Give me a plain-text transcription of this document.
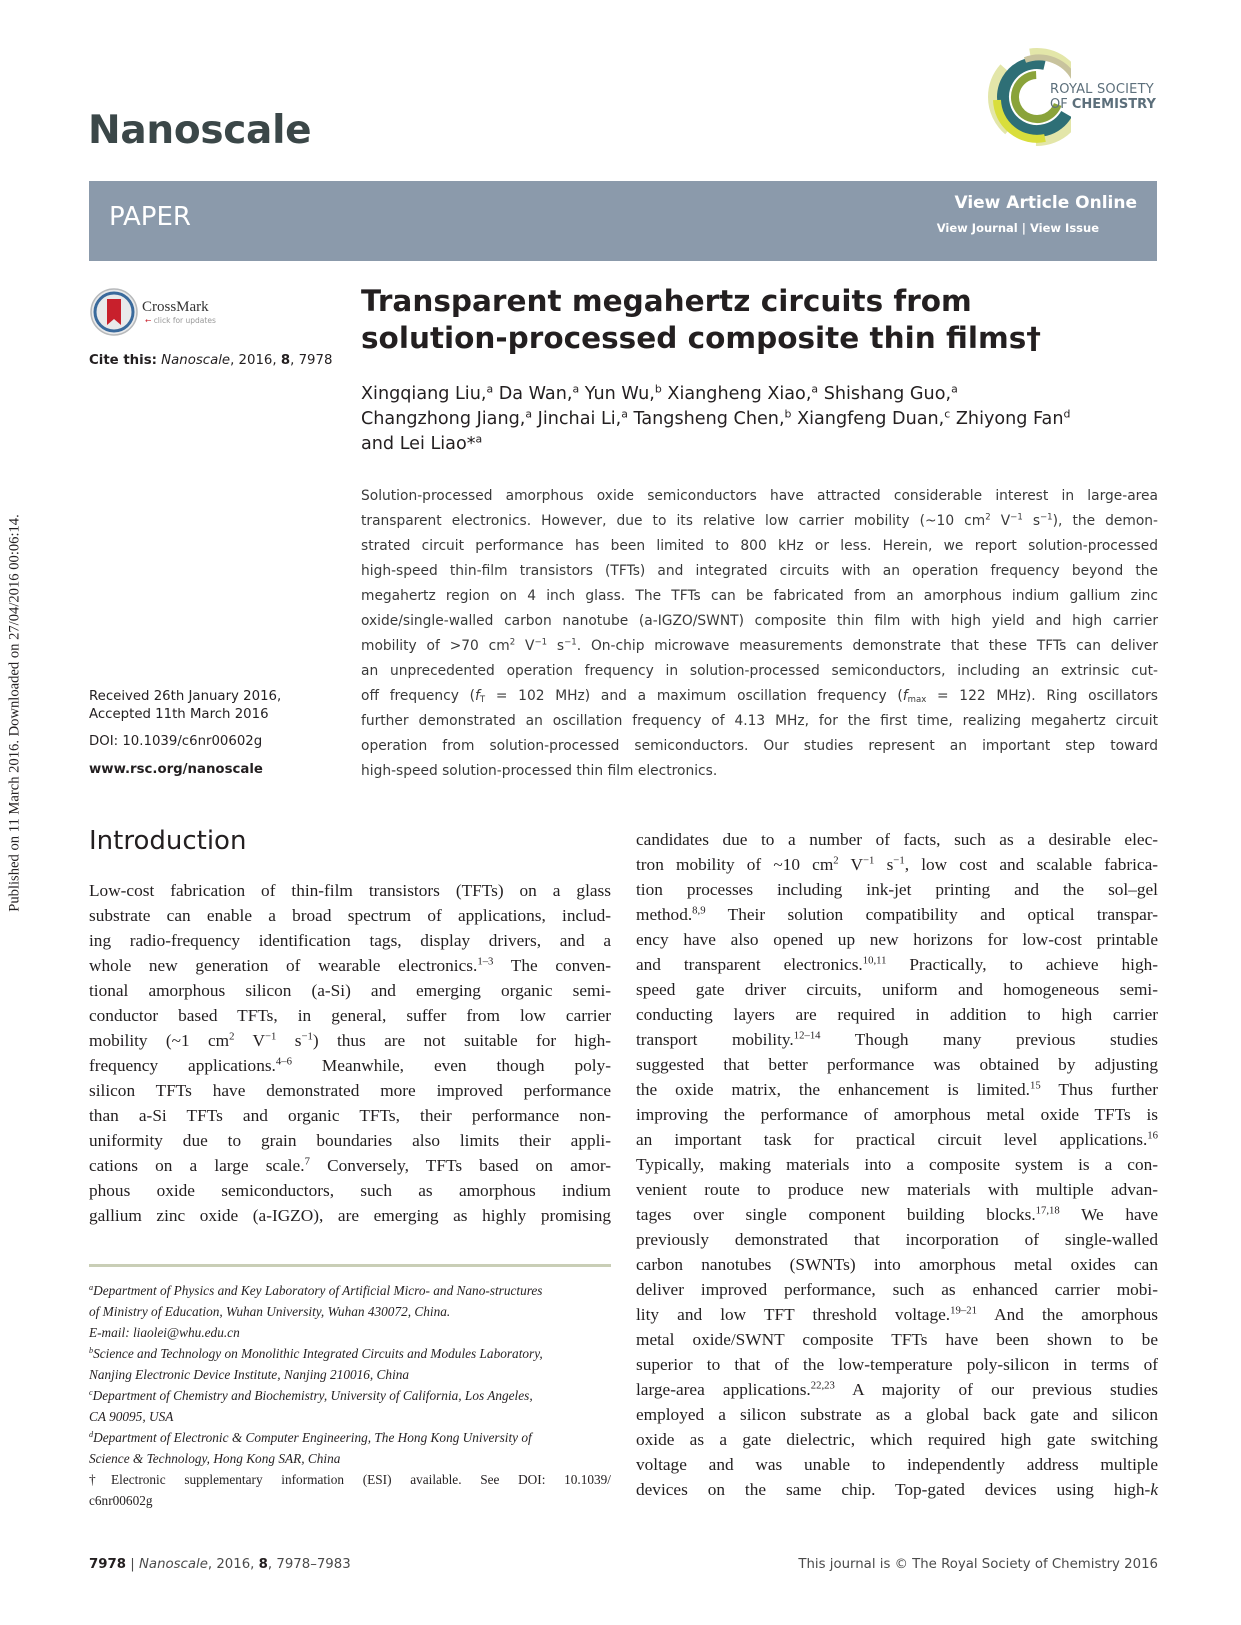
Published on 11 March 2016. Downloaded on 27/04/2016 00:06:14.
Nanoscale
ROYAL SOCIETY
OF CHEMISTRY
PAPER	View Article Online
View Journal | View Issue
CrossMark
← click for updates
Cite this: Nanoscale, 2016, 8, 7978
Received 26th January 2016,
Accepted 11th March 2016
DOI: 10.1039/c6nr00602g
www.rsc.org/nanoscale
Transparent megahertz circuits from
solution-processed composite thin films†
Xingqiang Liu,$^a$ Da Wan,$^a$ Yun Wu,$^b$ Xiangheng Xiao,$^a$ Shishang Guo,$^a$
Changzhong Jiang,$^a$ Jinchai Li,$^a$ Tangsheng Chen,$^b$ Xiangfeng Duan,$^c$ Zhiyong Fan$^d$
and Lei Liao*$^a$
Solution-processed amorphous oxide semiconductors have attracted considerable interest in large-area
transparent electronics. However, due to its relative low carrier mobility (~10 $cm^2$ $V^{-1}$ $s^{-1}$), the demon-
strated circuit performance has been limited to 800 kHz or less. Herein, we report solution-processed
high-speed thin-film transistors (TFTs) and integrated circuits with an operation frequency beyond the
megahertz region on 4 inch glass. The TFTs can be fabricated from an amorphous indium gallium zinc
oxide/single-walled carbon nanotube (a-IGZO/SWNT) composite thin film with high yield and high carrier
mobility of >70 $cm^2$ $V^{-1}$ $s^{-1}$. On-chip microwave measurements demonstrate that these TFTs can deliver
an unprecedented operation frequency in solution-processed semiconductors, including an extrinsic cut-
off frequency ($f_T = 102$ MHz) and a maximum oscillation frequency ($f_{max} = 122$ MHz). Ring oscillators
further demonstrated an oscillation frequency of 4.13 MHz, for the first time, realizing megahertz circuit
operation from solution-processed semiconductors. Our studies represent an important step toward
high-speed solution-processed thin film electronics.
Introduction
Low-cost fabrication of thin-film transistors (TFTs) on a glass
substrate can enable a broad spectrum of applications, includ-
ing radio-frequency identification tags, display drivers, and a
whole new generation of wearable electronics.$^{1-3}$ The conven-
tional amorphous silicon (a-Si) and emerging organic semi-
conductor based TFTs, in general, suffer from low carrier
mobility (~1 $cm^2$ $V^{-1}$ $s^{-1}$) thus are not suitable for high-
frequency applications.$^{4-6}$ Meanwhile, even though poly-
silicon TFTs have demonstrated more improved performance
than a-Si TFTs and organic TFTs, their performance non-
uniformity due to grain boundaries also limits their appli-
cations on a large scale.$^7$ Conversely, TFTs based on amor-
phous oxide semiconductors, such as amorphous indium
gallium zinc oxide (a-IGZO), are emerging as highly promising
candidates due to a number of facts, such as a desirable elec-
tron mobility of ~10 $cm^2$ $V^{-1}$ $s^{-1}$, low cost and scalable fabrica-
tion processes including ink-jet printing and the sol–gel
method.$^{8,9}$ Their solution compatibility and optical transpar-
ency have also opened up new horizons for low-cost printable
and transparent electronics.$^{10,11}$ Practically, to achieve high-
speed gate driver circuits, uniform and homogeneous semi-
conducting layers are required in addition to high carrier
transport mobility.$^{12-14}$ Though many previous studies
suggested that better performance was obtained by adjusting
the oxide matrix, the enhancement is limited.$^{15}$ Thus further
improving the performance of amorphous metal oxide TFTs is
an important task for practical circuit level applications.$^{16}$
Typically, making materials into a composite system is a con-
venient route to produce new materials with multiple advan-
tages over single component building blocks.$^{17,18}$ We have
previously demonstrated that incorporation of single-walled
carbon nanotubes (SWNTs) into amorphous metal oxides can
deliver improved performance, such as enhanced carrier mobi-
lity and low TFT threshold voltage.$^{19-21}$ And the amorphous
metal oxide/SWNT composite TFTs have been shown to be
superior to that of the low-temperature poly-silicon in terms of
large-area applications.$^{22,23}$ A majority of our previous studies
employed a silicon substrate as a global back gate and silicon
oxide as a gate dielectric, which required high gate switching
voltage and was unable to independently address multiple
devices on the same chip. Top-gated devices using high-k
$^a$Department of Physics and Key Laboratory of Artificial Micro- and Nano-structures
of Ministry of Education, Wuhan University, Wuhan 430072, China.
E-mail: liaolei@whu.edu.cn
$^b$Science and Technology on Monolithic Integrated Circuits and Modules Laboratory,
Nanjing Electronic Device Institute, Nanjing 210016, China
$^c$Department of Chemistry and Biochemistry, University of California, Los Angeles,
CA 90095, USA
$^d$Department of Electronic & Computer Engineering, The Hong Kong University of
Science & Technology, Hong Kong SAR, China
†Electronic supplementary information (ESI) available. See DOI: 10.1039/
c6nr00602g
7978 | Nanoscale, 2016, 8, 7978–7983	This journal is © The Royal Society of Chemistry 2016
